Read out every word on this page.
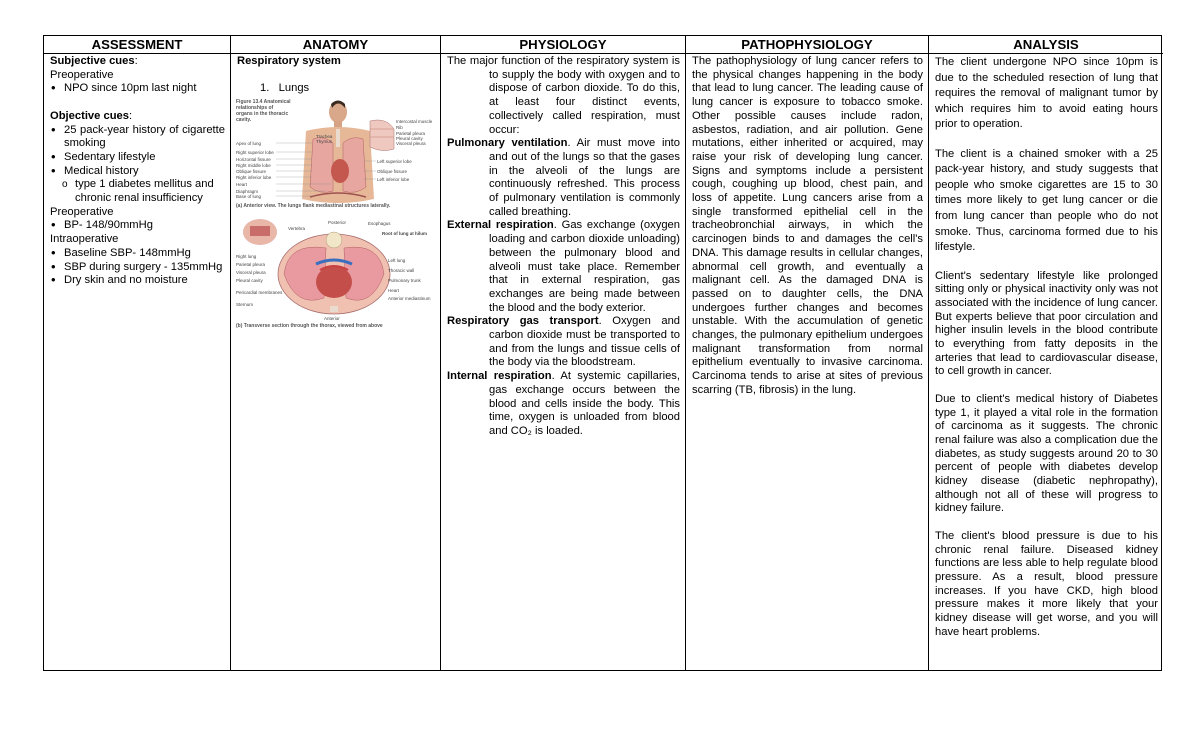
ASSESSMENT
Subjective cues:
Preoperative
• NPO since 10pm last night
Objective cues:
• 25 pack-year history of cigarette smoking
• Sedentary lifestyle
• Medical history
o type 1 diabetes mellitus and chronic renal insufficiency
Preoperative
• BP- 148/90mmHg
Intraoperative
• Baseline SBP- 148mmHg
• SBP during surgery - 135mmHg
• Dry skin and no moisture
ANATOMY
Respiratory system
1. Lungs
Figure 13.4 Anatomical relationships of organs in the thoracic cavity.
Trachea
Thymus
Apex of lung
Right superior lobe
Horizontal fissure
Right middle lobe
Oblique fissure
Right inferior lobe
Heart
Diaphragm
Base of lung
Intercostal muscle
Rib
Parietal pleura
Pleural cavity
Visceral pleura
Left superior lobe
Oblique fissure
Left inferior lobe
(a) Anterior view. The lungs flank mediastinal structures laterally.
Posterior
Vertebra
Esophagus
Root of lung at hilum
Right lung
Parietal pleura
Visceral pleura
Pleural cavity
Pericardial membranes
Sternum
Anterior
Left lung
Thoracic wall
Pulmonary trunk
Heart
Anterior mediastinum
(b) Transverse section through the thorax, viewed from above
PHYSIOLOGY
The major function of the respiratory system is to supply the body with oxygen and to dispose of carbon dioxide. To do this, at least four distinct events, collectively called respiration, must occur:
Pulmonary ventilation. Air must move into and out of the lungs so that the gases in the alveoli of the lungs are continuously refreshed. This process of pulmonary ventilation is commonly called breathing.
External respiration. Gas exchange (oxygen loading and carbon dioxide unloading) between the pulmonary blood and alveoli must take place. Remember that in external respiration, gas exchanges are being made between the blood and the body exterior.
Respiratory gas transport. Oxygen and carbon dioxide must be transported to and from the lungs and tissue cells of the body via the bloodstream.
Internal respiration. At systemic capillaries, gas exchange occurs between the blood and cells inside the body. This time, oxygen is unloaded from blood and CO₂ is loaded.
PATHOPHYSIOLOGY
The pathophysiology of lung cancer refers to the physical changes happening in the body that lead to lung cancer. The leading cause of lung cancer is exposure to tobacco smoke. Other possible causes include radon, asbestos, radiation, and air pollution. Gene mutations, either inherited or acquired, may raise your risk of developing lung cancer. Signs and symptoms include a persistent cough, coughing up blood, chest pain, and loss of appetite. Lung cancers arise from a single transformed epithelial cell in the tracheobronchial airways, in which the carcinogen binds to and damages the cell's DNA. This damage results in cellular changes, abnormal cell growth, and eventually a malignant cell. As the damaged DNA is passed on to daughter cells, the DNA undergoes further changes and becomes unstable. With the accumulation of genetic changes, the pulmonary epithelium undergoes malignant transformation from normal epithelium eventually to invasive carcinoma. Carcinoma tends to arise at sites of previous scarring (TB, fibrosis) in the lung.
ANALYSIS
The client undergone NPO since 10pm is due to the scheduled resection of lung that requires the removal of malignant tumor by which requires him to avoid eating hours prior to operation.
The client is a chained smoker with a 25 pack-year history, and study suggests that people who smoke cigarettes are 15 to 30 times more likely to get lung cancer or die from lung cancer than people who do not smoke. Thus, carcinoma formed due to his lifestyle.
Client's sedentary lifestyle like prolonged sitting only or physical inactivity only was not associated with the incidence of lung cancer. But experts believe that poor circulation and higher insulin levels in the blood contribute to everything from fatty deposits in the arteries that lead to cardiovascular disease, to cell growth in cancer.
Due to client's medical history of Diabetes type 1, it played a vital role in the formation of carcinoma as it suggests. The chronic renal failure was also a complication due the diabetes, as study suggests around 20 to 30 percent of people with diabetes develop kidney disease (diabetic nephropathy), although not all of these will progress to kidney failure.
The client's blood pressure is due to his chronic renal failure. Diseased kidney functions are less able to help regulate blood pressure. As a result, blood pressure increases. If you have CKD, high blood pressure makes it more likely that your kidney disease will get worse, and you will have heart problems.
